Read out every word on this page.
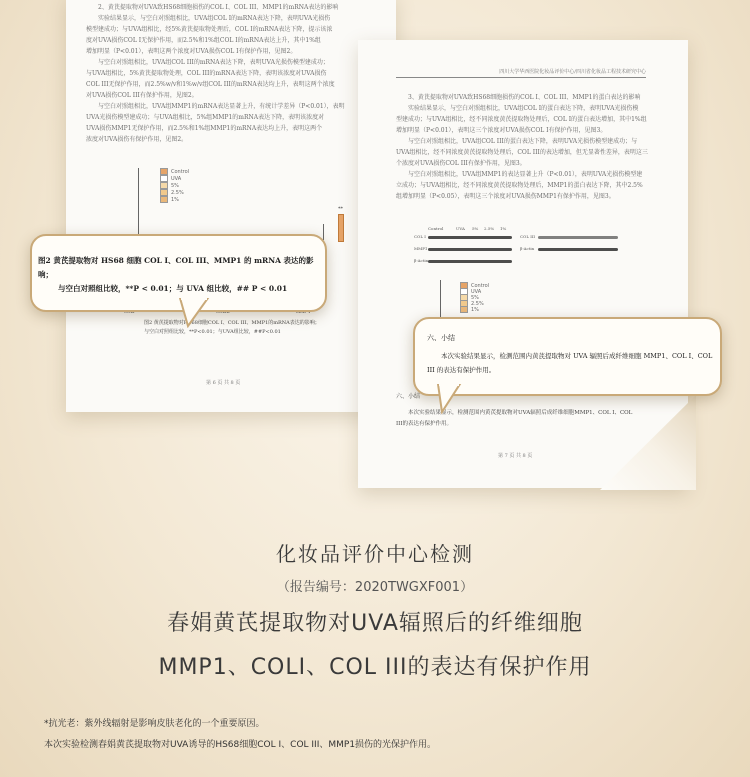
2、黄芪提取物对UVA致HS68细胞损伤的COL I、COL III、MMP1的mRNA表达的影响

实验结果显示，与空白对照组相比，UVA组COL I的mRNA表达下降，表明UVA光损伤

模型建成功；与UVA组相比，经5%黄芪提取物处理后，COL I的mRNA表达下降，提示该浓

度对UVA损伤COL I无保护作用，而2.5%和1%组COL I的mRNA表达上升，其中1%组

增加明显（P<0.01），表明这两个浓度对UVA损伤COL I有保护作用，见图2。

与空白对照组相比，UVA组COL III的mRNA表达下降，表明UVA光损伤模型建成功；

与UVA组相比，5%黄芪提取物处理，COL III的mRNA表达下降，表明该浓度对UVA损伤

COL III无保护作用，而2.5%w/v和1%w/v组COL III的mRNA表达均上升，表明这两个浓度

对UVA损伤COL III有保护作用，见图2。

与空白对照组相比，UVA组MMP1的mRNA表达显著上升，有统计学差异（P<0.01），表明

UVA光损伤模型建成功；与UVA组相比，5%组MMP1的mRNA表达下降，表明该浓度对

UVA损伤MMP1无保护作用，而2.5%和1%组MMP1的mRNA表达均上升，表明这两个

浓度对UVA损伤有保护作用，见图2。

Control
UVA
5%
2.5%
1%
**
图2 黄芪提取物对HS68细胞COL I、COL III、MMP1的mRNA表达的影响；
与空白对照组比较，**P<0.01；与UVA组比较，##P<0.01
第 6 页 共 8 页
四川大学华西医院化妆品评价中心/四川省化妆品工程技术研究中心

3、黄芪提取物对UVA致HS68细胞损伤的COL I、COL III、MMP1的蛋白表达的影响

实验结果显示，与空白对照组相比，UVA组COL I的蛋白表达下降，表明UVA光损伤模

型建成功；与UVA组相比，经不同浓度黄芪提取物处理后，COL I的蛋白表达增加，其中1%组

增加明显（P<0.01），表明这三个浓度对UVA损伤COL I有保护作用，见图3。

与空白对照组相比，UVA组COL III的蛋白表达下降，表明UVA光损伤模型建成功；与

UVA组相比，经不同浓度黄芪提取物处理后，COL III的表达增加，但无显著性差异，表明这三

个浓度对UVA损伤COL III有保护作用，见图3。

与空白对照组相比，UVA组MMP1的表达显著上升（P<0.01），表明UVA光损伤模型建

立成功；与UVA组相比，经不同浓度黄芪提取物处理后，MMP1的蛋白表达下降，其中2.5%

组增加明显（P<0.05），表明这三个浓度对UVA损伤MMP1有保护作用，见图3。

Control	UVA 5% 2.5% 1%
COL I
MMP1
β-Actin
COL III
β-Actin
Control
UVA
5%
2.5%
1%
六、小结
本次实验结果显示，检测范围内黄芪提取物对UVA辐照后成纤维细胞MMP1、COL I、COL
III的表达有保护作用。
第 7 页 共 8 页
图2 黄芪提取物对 HS68 细胞 COL I、COL III、MMP1 的 mRNA 表达的影响；
与空白对照组比较，**P < 0.01；与 UVA 组比较，## P < 0.01
六、小结
本次实验结果显示，检测范围内黄芪提取物对 UVA 辐照后成纤维细胞 MMP1、COL I、COL
III 的表达有保护作用。
化妆品评价中心检测
（报告编号：2020TWGXF001）
春娟黄芪提取物对UVA辐照后的纤维细胞
MMP1、COLI、COL III的表达有保护作用
*抗光老：紫外线辐射是影响皮肤老化的一个重要原因。
本次实验检测春娟黄芪提取物对UVA诱导的HS68细胞COL I、COL III、MMP1损伤的光保护作用。
